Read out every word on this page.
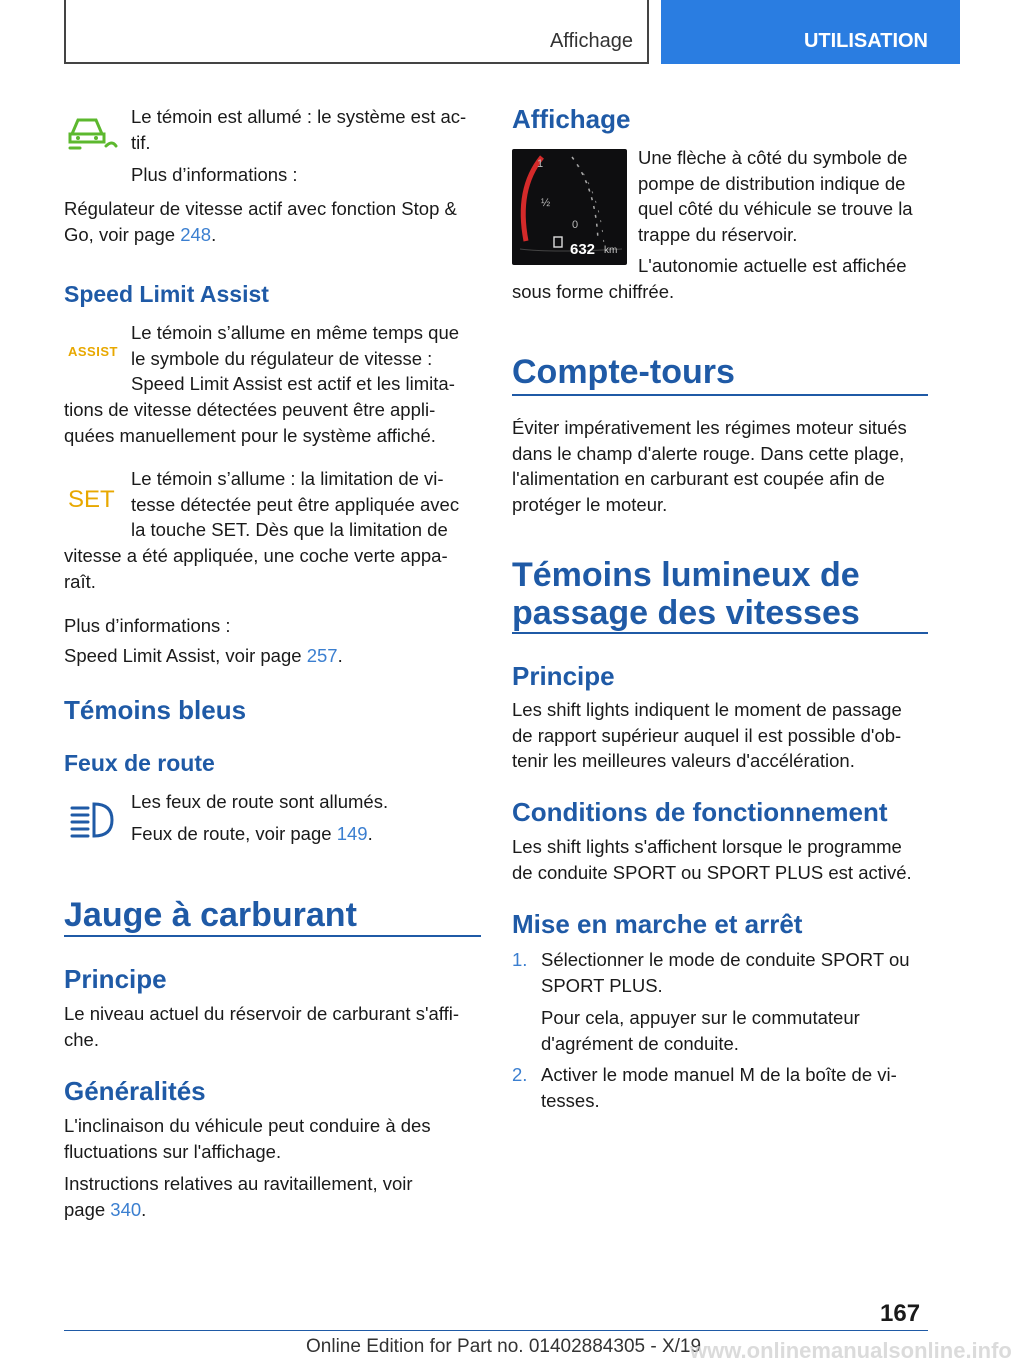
Affichage	UTILISATION
Le témoin est allumé : le système est ac-
tif.
Plus d’informations :
Régulateur de vitesse actif avec fonction Stop &
Go, voir page 248.
Speed Limit Assist
ASSIST
Le témoin s’allume en même temps que
le symbole du régulateur de vitesse :
Speed Limit Assist est actif et les limita-
tions de vitesse détectées peuvent être appli-
quées manuellement pour le système affiché.
SET
Le témoin s’allume : la limitation de vi-
tesse détectée peut être appliquée avec
la touche SET. Dès que la limitation de
vitesse a été appliquée, une coche verte appa-
raît.
Plus d’informations :
Speed Limit Assist, voir page 257.
Témoins bleus
Feux de route
Les feux de route sont allumés.
Feux de route, voir page 149.
Jauge à carburant
Principe
Le niveau actuel du réservoir de carburant s'affi-
che.
Généralités
L'inclinaison du véhicule peut conduire à des
fluctuations sur l'affichage.
Instructions relatives au ravitaillement, voir
page 340.
Affichage
1
½
0
632 km
Une flèche à côté du symbole de
pompe de distribution indique de
quel côté du véhicule se trouve la
trappe du réservoir.
L'autonomie actuelle est affichée
sous forme chiffrée.
Compte-tours
Éviter impérativement les régimes moteur situés
dans le champ d'alerte rouge. Dans cette plage,
l'alimentation en carburant est coupée afin de
protéger le moteur.
Témoins lumineux de
passage des vitesses
Principe
Les shift lights indiquent le moment de passage
de rapport supérieur auquel il est possible d'ob-
tenir les meilleures valeurs d'accélération.
Conditions de fonctionnement
Les shift lights s'affichent lorsque le programme
de conduite SPORT ou SPORT PLUS est activé.
Mise en marche et arrêt
1. Sélectionner le mode de conduite SPORT ou
SPORT PLUS.
Pour cela, appuyer sur le commutateur
d'agrément de conduite.
2. Activer le mode manuel M de la boîte de vi-
tesses.
167
Online Edition for Part no. 01402884305 - X/19
www.onlinemanualsonline.info
